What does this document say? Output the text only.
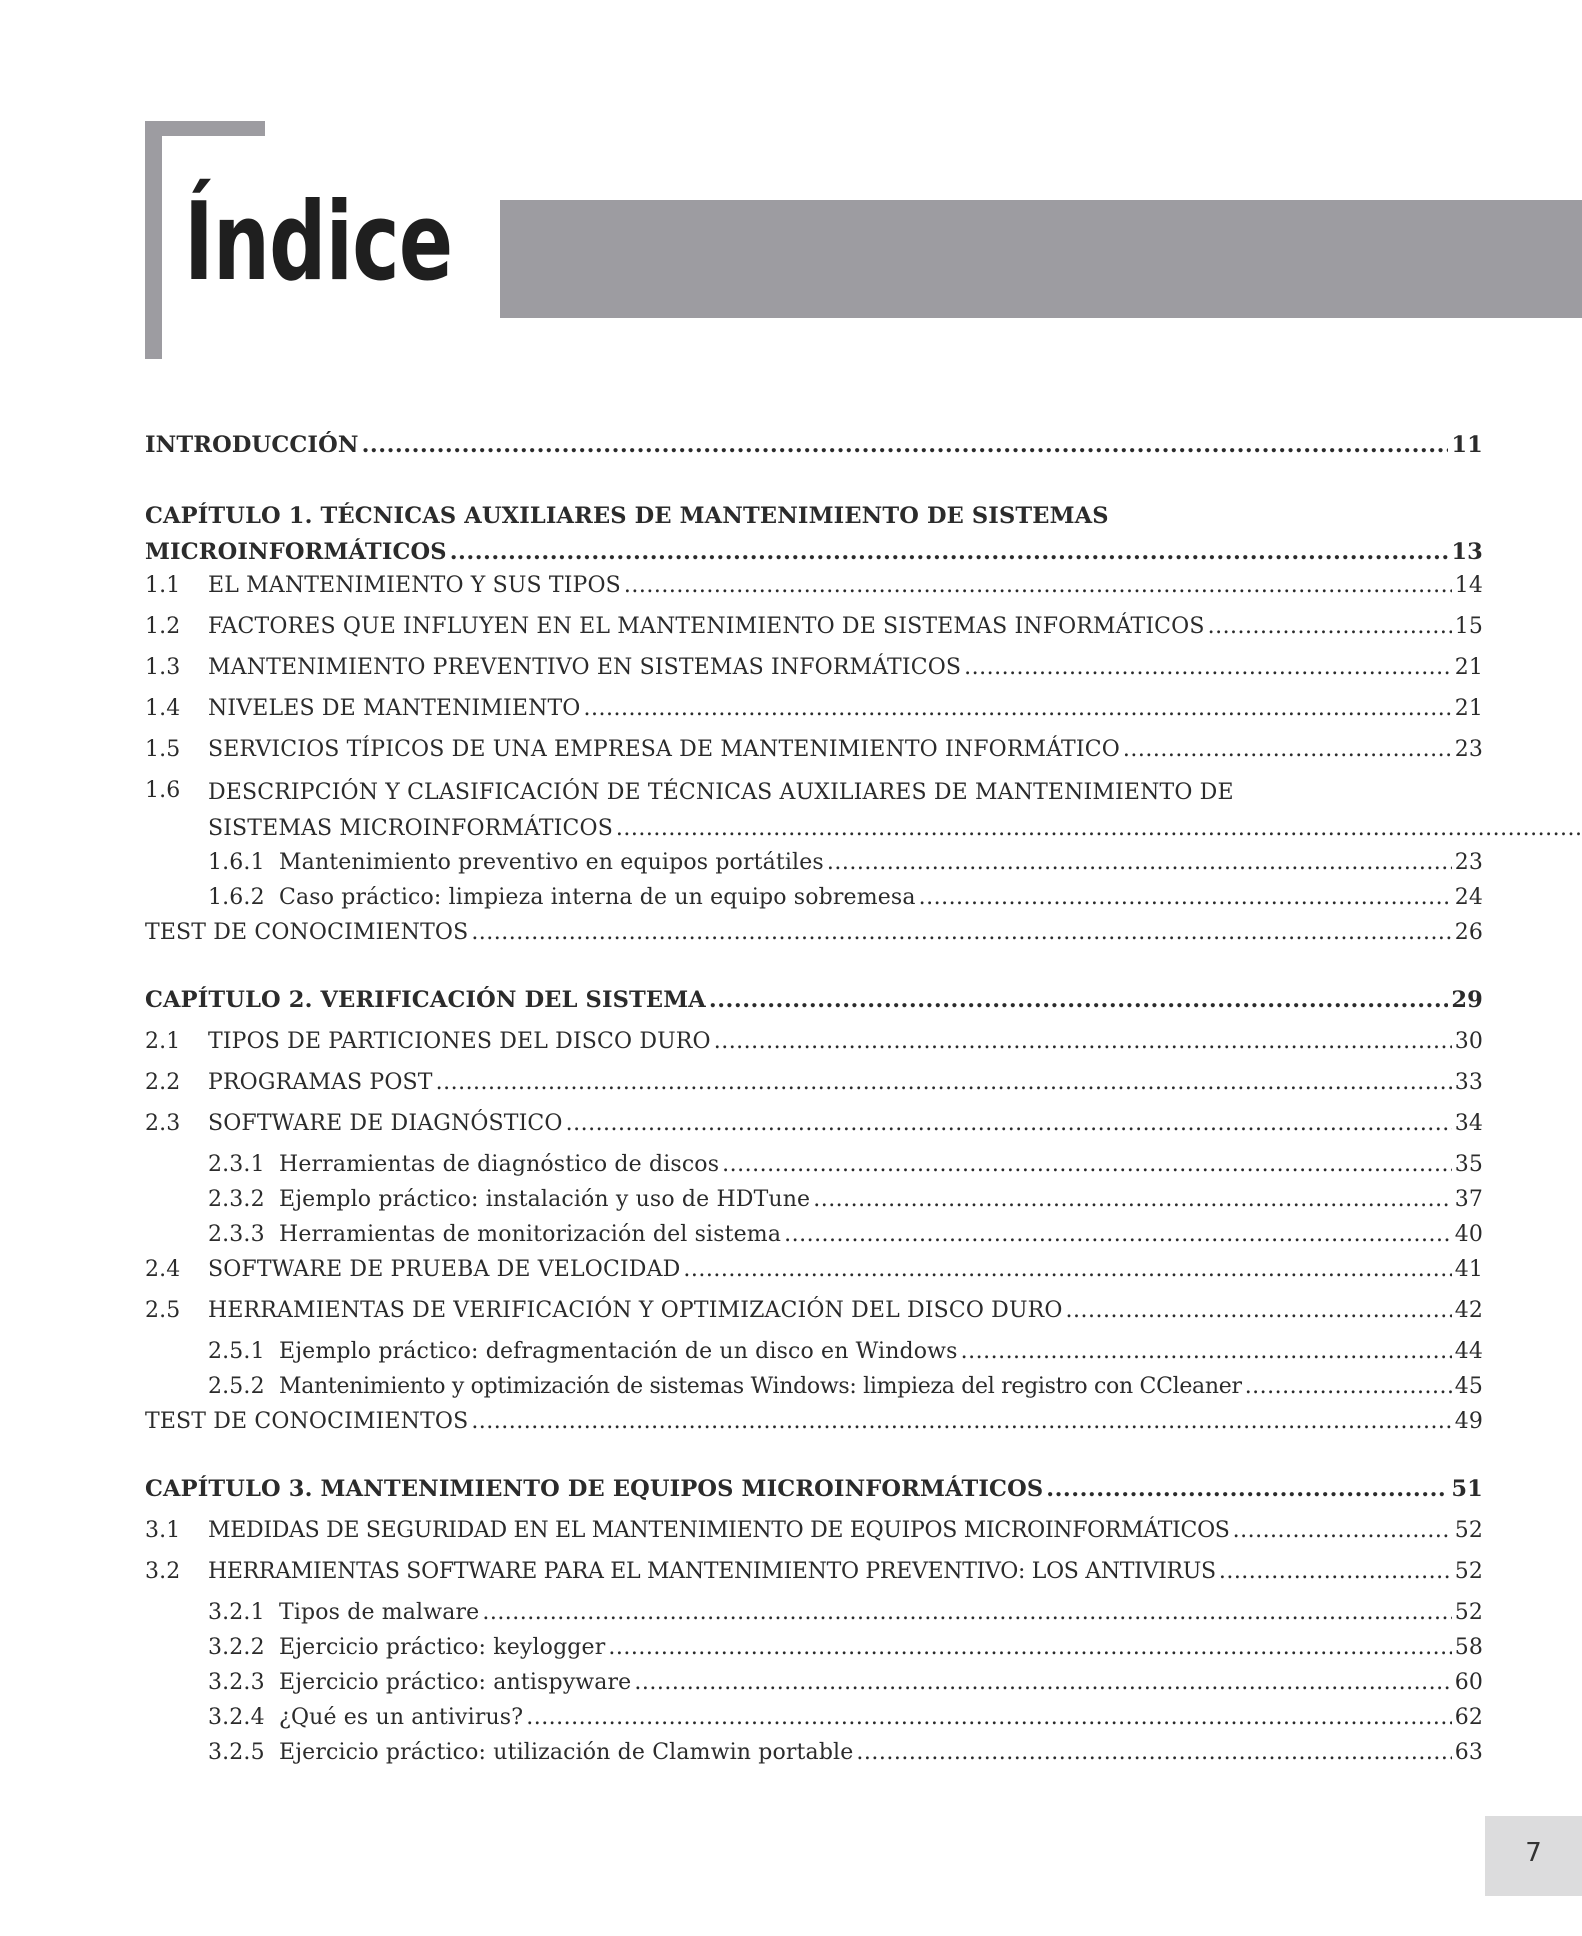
Índice
INTRODUCCIÓN .....	11
CAPÍTULO 1. TÉCNICAS AUXILIARES DE MANTENIMIENTO DE SISTEMAS
MICROINFORMÁTICOS .....	13
1.1	EL MANTENIMIENTO Y SUS TIPOS .....	14
1.2	FACTORES QUE INFLUYEN EN EL MANTENIMIENTO DE SISTEMAS INFORMÁTICOS .....	15
1.3	MANTENIMIENTO PREVENTIVO EN SISTEMAS INFORMÁTICOS .....	21
1.4	NIVELES DE MANTENIMIENTO .....	21
1.5	SERVICIOS TÍPICOS DE UNA EMPRESA DE MANTENIMIENTO INFORMÁTICO .....	23
1.6	DESCRIPCIÓN Y CLASIFICACIÓN DE TÉCNICAS AUXILIARES DE MANTENIMIENTO DE
SISTEMAS MICROINFORMÁTICOS
.....
1.6.1 Mantenimiento preventivo en equipos portátiles .....	23
1.6.2 Caso práctico: limpieza interna de un equipo sobremesa .....	24
TEST DE CONOCIMIENTOS .....	26
CAPÍTULO 2. VERIFICACIÓN DEL SISTEMA .....	29
2.1	TIPOS DE PARTICIONES DEL DISCO DURO .....	30
2.2	PROGRAMAS POST .....	33
2.3	SOFTWARE DE DIAGNÓSTICO .....	34
2.3.1 Herramientas de diagnóstico de discos .....	35
2.3.2 Ejemplo práctico: instalación y uso de HDTune .....	37
2.3.3 Herramientas de monitorización del sistema .....	40
2.4	SOFTWARE DE PRUEBA DE VELOCIDAD .....	41
2.5	HERRAMIENTAS DE VERIFICACIÓN Y OPTIMIZACIÓN DEL DISCO DURO .....	42
2.5.1 Ejemplo práctico: defragmentación de un disco en Windows .....	44
2.5.2 Mantenimiento y optimización de sistemas Windows: limpieza del registro con CCleaner .....	45
TEST DE CONOCIMIENTOS .....	49
CAPÍTULO 3. MANTENIMIENTO DE EQUIPOS MICROINFORMÁTICOS .....	51
3.1	MEDIDAS DE SEGURIDAD EN EL MANTENIMIENTO DE EQUIPOS MICROINFORMÁTICOS .....	52
3.2	HERRAMIENTAS SOFTWARE PARA EL MANTENIMIENTO PREVENTIVO: LOS ANTIVIRUS .....	52
3.2.1 Tipos de malware .....	52
3.2.2 Ejercicio práctico: keylogger .....	58
3.2.3 Ejercicio práctico: antispyware .....	60
3.2.4 ¿Qué es un antivirus? .....	62
3.2.5 Ejercicio práctico: utilización de Clamwin portable .....	63
7
